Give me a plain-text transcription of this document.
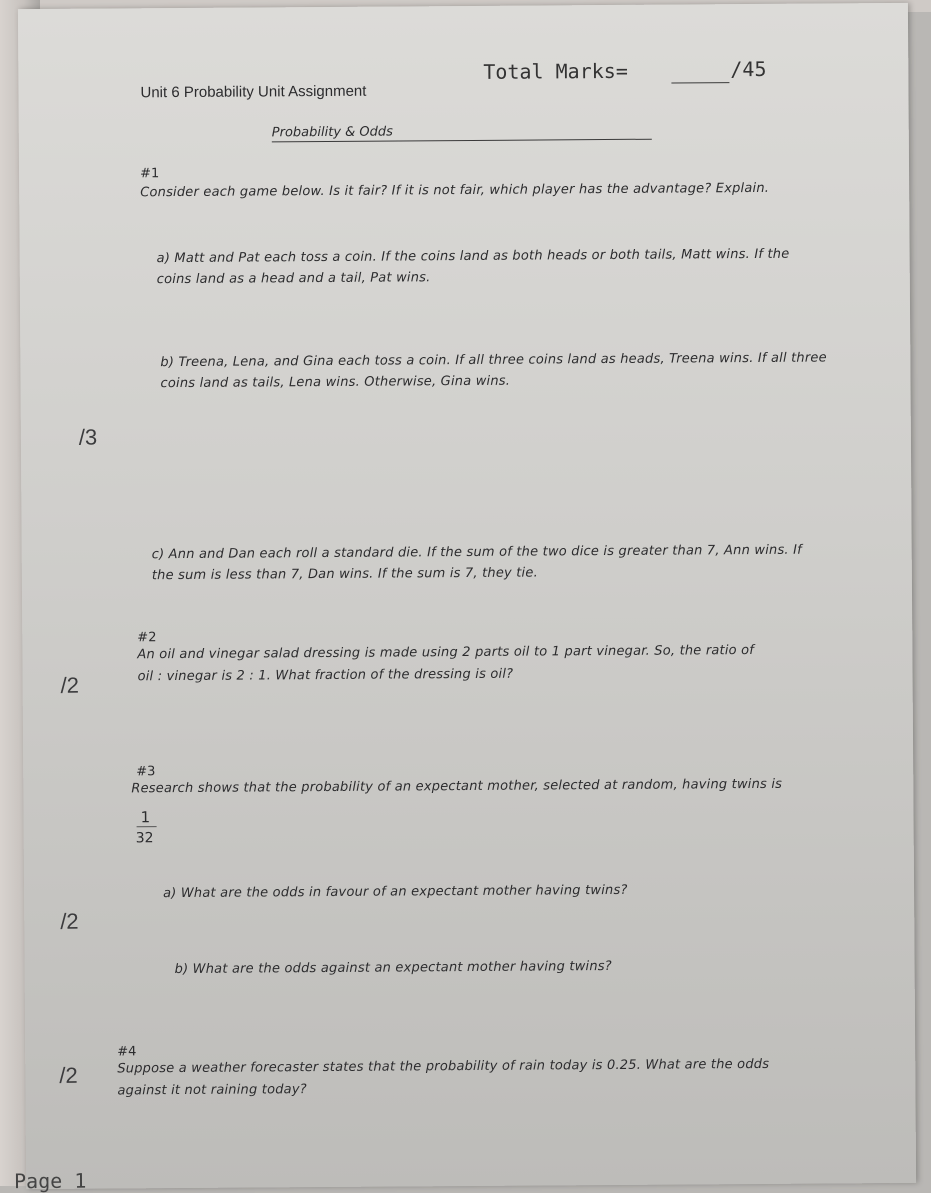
Total Marks=	/45
Unit 6 Probability Unit Assignment
Probability & Odds
#1
Consider each game below. Is it fair? If it is not fair, which player has the advantage? Explain.
a) Matt and Pat each toss a coin. If the coins land as both heads or both tails, Matt wins. If the
coins land as a head and a tail, Pat wins.
b) Treena, Lena, and Gina each toss a coin. If all three coins land as heads, Treena wins. If all three
coins land as tails, Lena wins. Otherwise, Gina wins.
/3
c) Ann and Dan each roll a standard die. If the sum of the two dice is greater than 7, Ann wins. If
the sum is less than 7, Dan wins. If the sum is 7, they tie.
#2
An oil and vinegar salad dressing is made using 2 parts oil to 1 part vinegar. So, the ratio of
/2	oil : vinegar is 2 : 1. What fraction of the dressing is oil?
#3
Research shows that the probability of an expectant mother, selected at random, having twins is
1
32
a) What are the odds in favour of an expectant mother having twins?
/2
b) What are the odds against an expectant mother having twins?
#4
/2	Suppose a weather forecaster states that the probability of rain today is 0.25. What are the odds
against it not raining today?
Page 1
